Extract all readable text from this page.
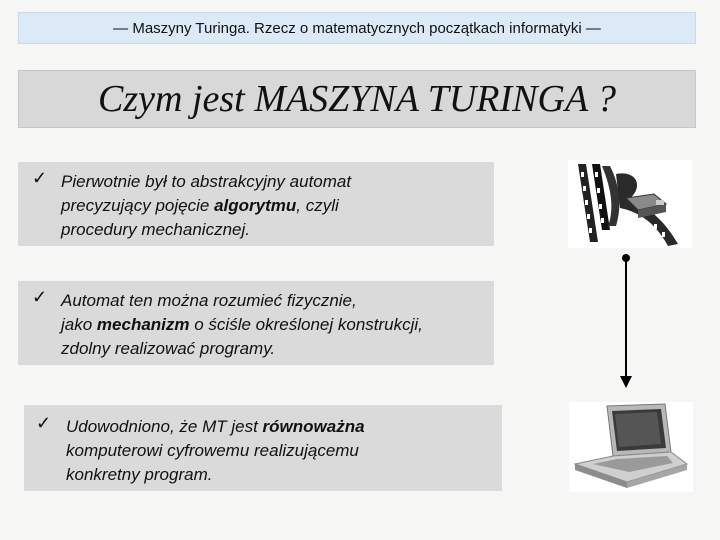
—
Maszyny Turinga. Rzecz o matematycznych początkach informatyki
—
Czym jest MASZYNA TURINGA ?
✓ Pierwotnie był to abstrakcyjny automat
precyzujący pojęcie algorytmu, czyli
procedury mechanicznej.
✓ Automat ten można rozumieć fizycznie,
jako mechanizm o ściśle określonej konstrukcji,
zdolny realizować programy.
✓ Udowodniono, że MT jest równoważna
komputerowi cyfrowemu realizującemu
konkretny program.
